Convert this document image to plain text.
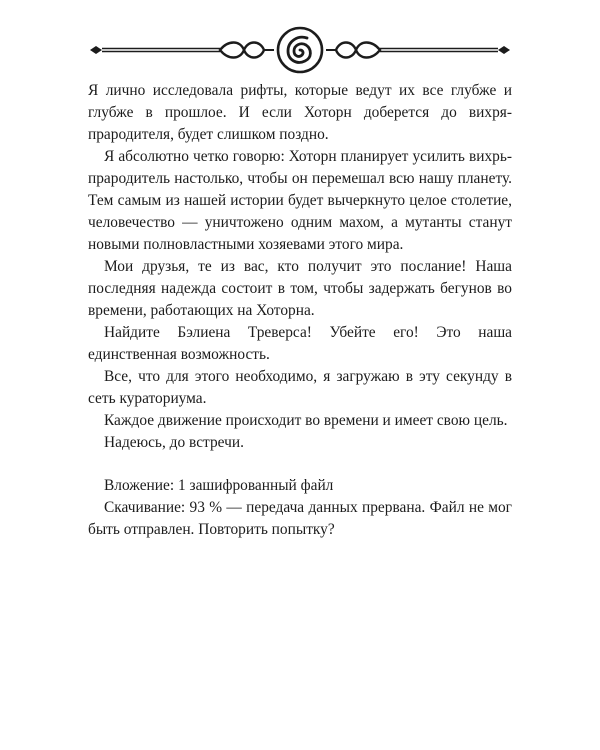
Я лично исследовала рифты, которые ведут их все глубже и глубже в прошлое. И если Хоторн доберется до вихря-прародителя, будет слишком поздно.

Я абсолютно четко говорю: Хоторн планирует усилить вихрь-прародитель настолько, чтобы он перемешал всю нашу планету. Тем самым из нашей истории будет вычеркнуто целое столетие, человечество — уничтожено одним махом, а мутанты станут новыми полновластными хозяевами этого мира.

Мои друзья, те из вас, кто получит это послание! Наша последняя надежда состоит в том, чтобы задержать бегунов во времени, работающих на Хоторна.

Найдите Бэлиена Треверса! Убейте его! Это наша единственная возможность.

Все, что для этого необходимо, я загружаю в эту секунду в сеть кураториума.

Каждое движение происходит во времени и имеет свою цель.

Надеюсь, до встречи.

Вложение: 1 зашифрованный файл

Скачивание: 93 % — передача данных прервана. Файл не мог быть отправлен. Повторить попытку?
